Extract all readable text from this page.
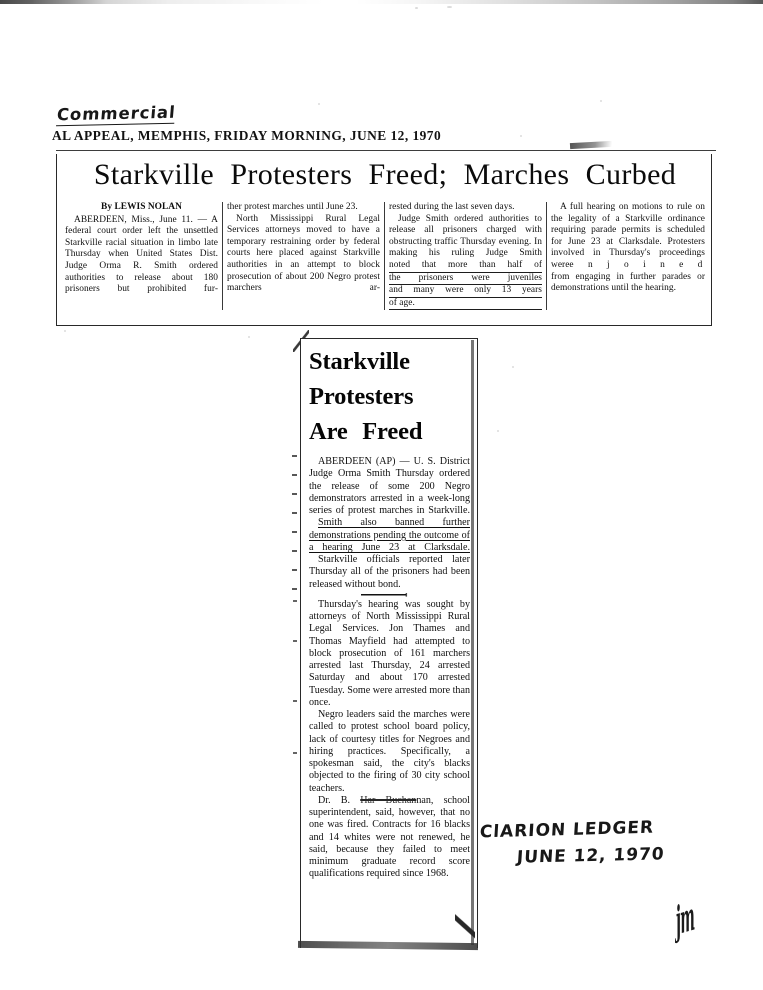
Commercial
AL APPEAL, MEMPHIS, FRIDAY MORNING, JUNE 12, 1970
Starkville Protesters Freed; Marches Curbed

By LEWIS NOLAN

ABERDEEN, Miss., June 11. — A federal court order left the unsettled Starkville racial situation in limbo late Thursday when United States Dist. Judge Orma R. Smith ordered authorities to release about 180 prisoners but prohibited fur-

ther protest marches until June 23.

North Mississippi Rural Legal Services attorneys moved to have a temporary restraining order by federal courts here placed against Starkville authorities in an attempt to block prosecution of about 200 Negro protest marchers ar-

rested during the last seven days.

Judge Smith ordered authorities to release all prisoners charged with obstructing traffic Thursday evening. In making his ruling Judge Smith

noted that more than half of
the prisoners were juveniles
and many were only 13 years
of age.

A full hearing on motions to rule on the legality of a Starkville ordinance requiring parade permits is scheduled for June 23 at Clarksdale. Protesters involved in Thursday's proceedings weree n j o i n e d

from engaging in further parades or demonstrations until the hearing.

Starkville
Protesters
Are Freed

ABERDEEN (AP) — U. S. District Judge Orma Smith Thursday ordered the release of some 200 Negro demonstrators arrested in a week-long series of protest marches in Starkville.

Smith also banned further demonstrations pending the outcome of a hearing June 23 at Clarksdale.

Starkville officials reported later Thursday all of the prisoners had been released without bond.

Thursday's hearing was sought by attorneys of North Mississippi Rural Legal Services. Jon Thames and Thomas Mayfield had attempted to block prosecution of 161 marchers arrested last Thursday, 24 arrested Saturday and about 170 arrested Tuesday. Some were arrested more than once.

Negro leaders said the marches were called to protest school board policy, lack of courtesy titles for Negroes and hiring practices. Specifically, a spokesman said, the city's blacks objected to the firing of 30 city school teachers.

Dr. B. Har Buchannan, school superintendent, said, however, that no one was fired. Contracts for 16 blacks and 14 whites were not renewed, he said, because they failed to meet minimum graduate record score qualifications required since 1968.

ClARION LEDGER
JUNE 12, 1970
jm
